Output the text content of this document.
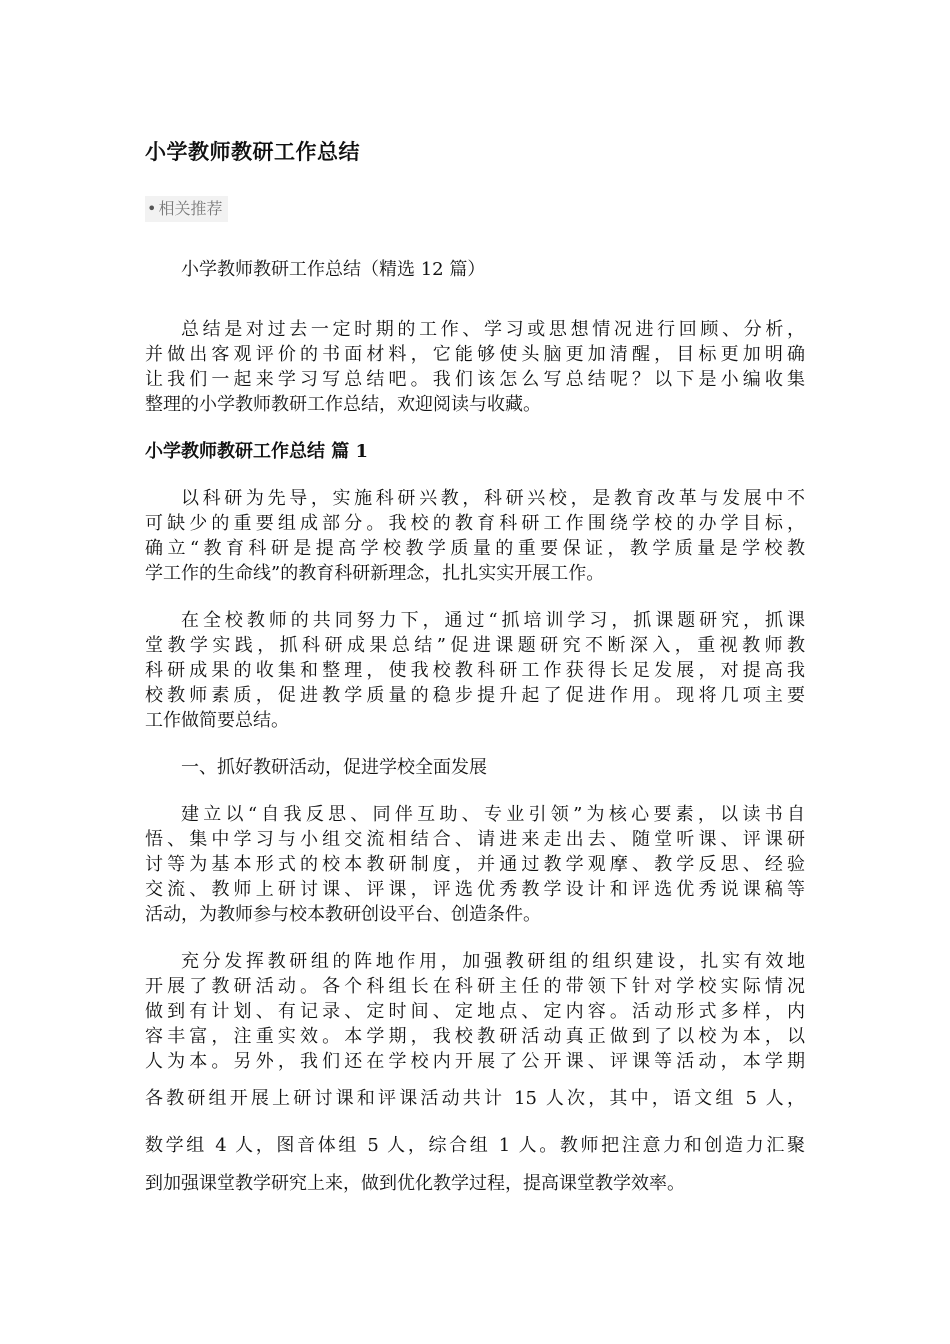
小学教师教研工作总结
• 相关推荐
小学教师教研工作总结（精选 12 篇）
总结是对过去一定时期的工作、学习或思想情况进行回顾、分析，
并做出客观评价的书面材料，它能够使头脑更加清醒，目标更加明确
让我们一起来学习写总结吧。我们该怎么写总结呢？以下是小编收集
整理的小学教师教研工作总结，欢迎阅读与收藏。
小学教师教研工作总结 篇 1
以科研为先导，实施科研兴教，科研兴校，是教育改革与发展中不
可缺少的重要组成部分。我校的教育科研工作围绕学校的办学目标，
确立“教育科研是提高学校教学质量的重要保证，教学质量是学校教
学工作的生命线”的教育科研新理念，扎扎实实开展工作。
在全校教师的共同努力下，通过“抓培训学习，抓课题研究，抓课
堂教学实践，抓科研成果总结”促进课题研究不断深入，重视教师教
科研成果的收集和整理，使我校教科研工作获得长足发展，对提高我
校教师素质，促进教学质量的稳步提升起了促进作用。现将几项主要
工作做简要总结。
一、抓好教研活动，促进学校全面发展
建立以“自我反思、同伴互助、专业引领”为核心要素，以读书自
悟、集中学习与小组交流相结合、请进来走出去、随堂听课、评课研
讨等为基本形式的校本教研制度，并通过教学观摩、教学反思、经验
交流、教师上研讨课、评课，评选优秀教学设计和评选优秀说课稿等
活动，为教师参与校本教研创设平台、创造条件。
充分发挥教研组的阵地作用，加强教研组的组织建设，扎实有效地
开展了教研活动。各个科组长在科研主任的带领下针对学校实际情况
做到有计划、有记录、定时间、定地点、定内容。活动形式多样，内
容丰富，注重实效。本学期，我校教研活动真正做到了以校为本，以
人为本。另外，我们还在学校内开展了公开课、评课等活动，本学期
各教研组开展上研讨课和评课活动共计 15 人次，其中，语文组 5 人，
数学组 4 人，图音体组 5 人，综合组 1 人。教师把注意力和创造力汇聚
到加强课堂教学研究上来，做到优化教学过程，提高课堂教学效率。
